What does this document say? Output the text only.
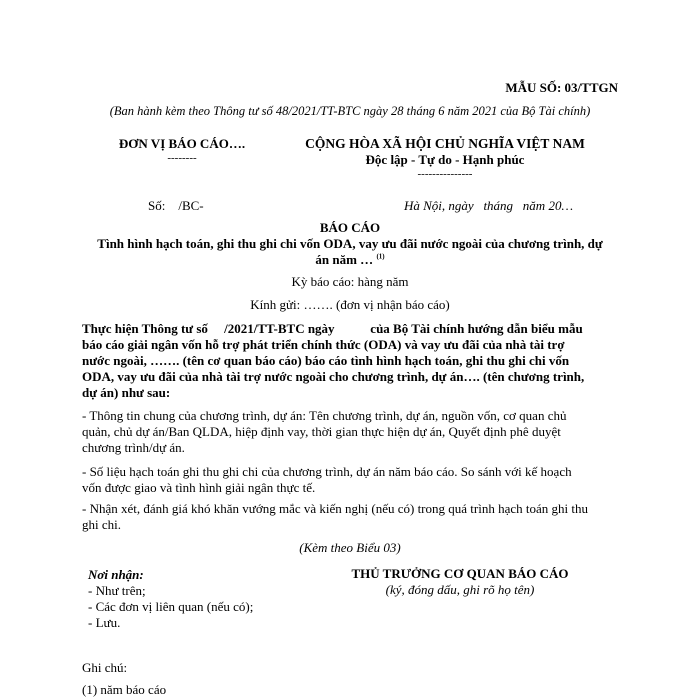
MẪU SỐ: 03/TTGN
(Ban hành kèm theo Thông tư số 48/2021/TT-BTC ngày 28 tháng 6 năm 2021 của Bộ Tài chính)
ĐƠN VỊ BÁO CÁO….
--------
CỘNG HÒA XÃ HỘI CHỦ NGHĨA VIỆT NAM
Độc lập - Tự do - Hạnh phúc
---------------
Số:    /BC-	Hà Nội, ngày   tháng   năm 20…
BÁO CÁO
Tình hình hạch toán, ghi thu ghi chi vốn ODA, vay ưu đãi nước ngoài của chương trình, dự
án năm … $^{(1)}$
Kỳ báo cáo: hàng năm
Kính gửi: ……. (đơn vị nhận báo cáo)
Thực hiện Thông tư số     /2021/TT-BTC ngày           của Bộ Tài chính hướng dẫn biểu mẫu
báo cáo giải ngân vốn hỗ trợ phát triển chính thức (ODA) và vay ưu đãi của nhà tài trợ
nước ngoài, ……. (tên cơ quan báo cáo) báo cáo tình hình hạch toán, ghi thu ghi chi vốn
ODA, vay ưu đãi của nhà tài trợ nước ngoài cho chương trình, dự án…. (tên chương trình,
dự án) như sau:
- Thông tin chung của chương trình, dự án: Tên chương trình, dự án, nguồn vốn, cơ quan chủ
quản, chủ dự án/Ban QLDA, hiệp định vay, thời gian thực hiện dự án, Quyết định phê duyệt
chương trình/dự án.
- Số liệu hạch toán ghi thu ghi chi của chương trình, dự án năm báo cáo. So sánh với kế hoạch
vốn được giao và tình hình giải ngân thực tế.
- Nhận xét, đánh giá khó khăn vướng mắc và kiến nghị (nếu có) trong quá trình hạch toán ghi thu
ghi chi.
(Kèm theo Biểu 03)
Nơi nhận:
- Như trên;
- Các đơn vị liên quan (nếu có);
- Lưu.
THỦ TRƯỞNG CƠ QUAN BÁO CÁO
(ký, đóng dấu, ghi rõ họ tên)
Ghi chú:
(1) năm báo cáo
